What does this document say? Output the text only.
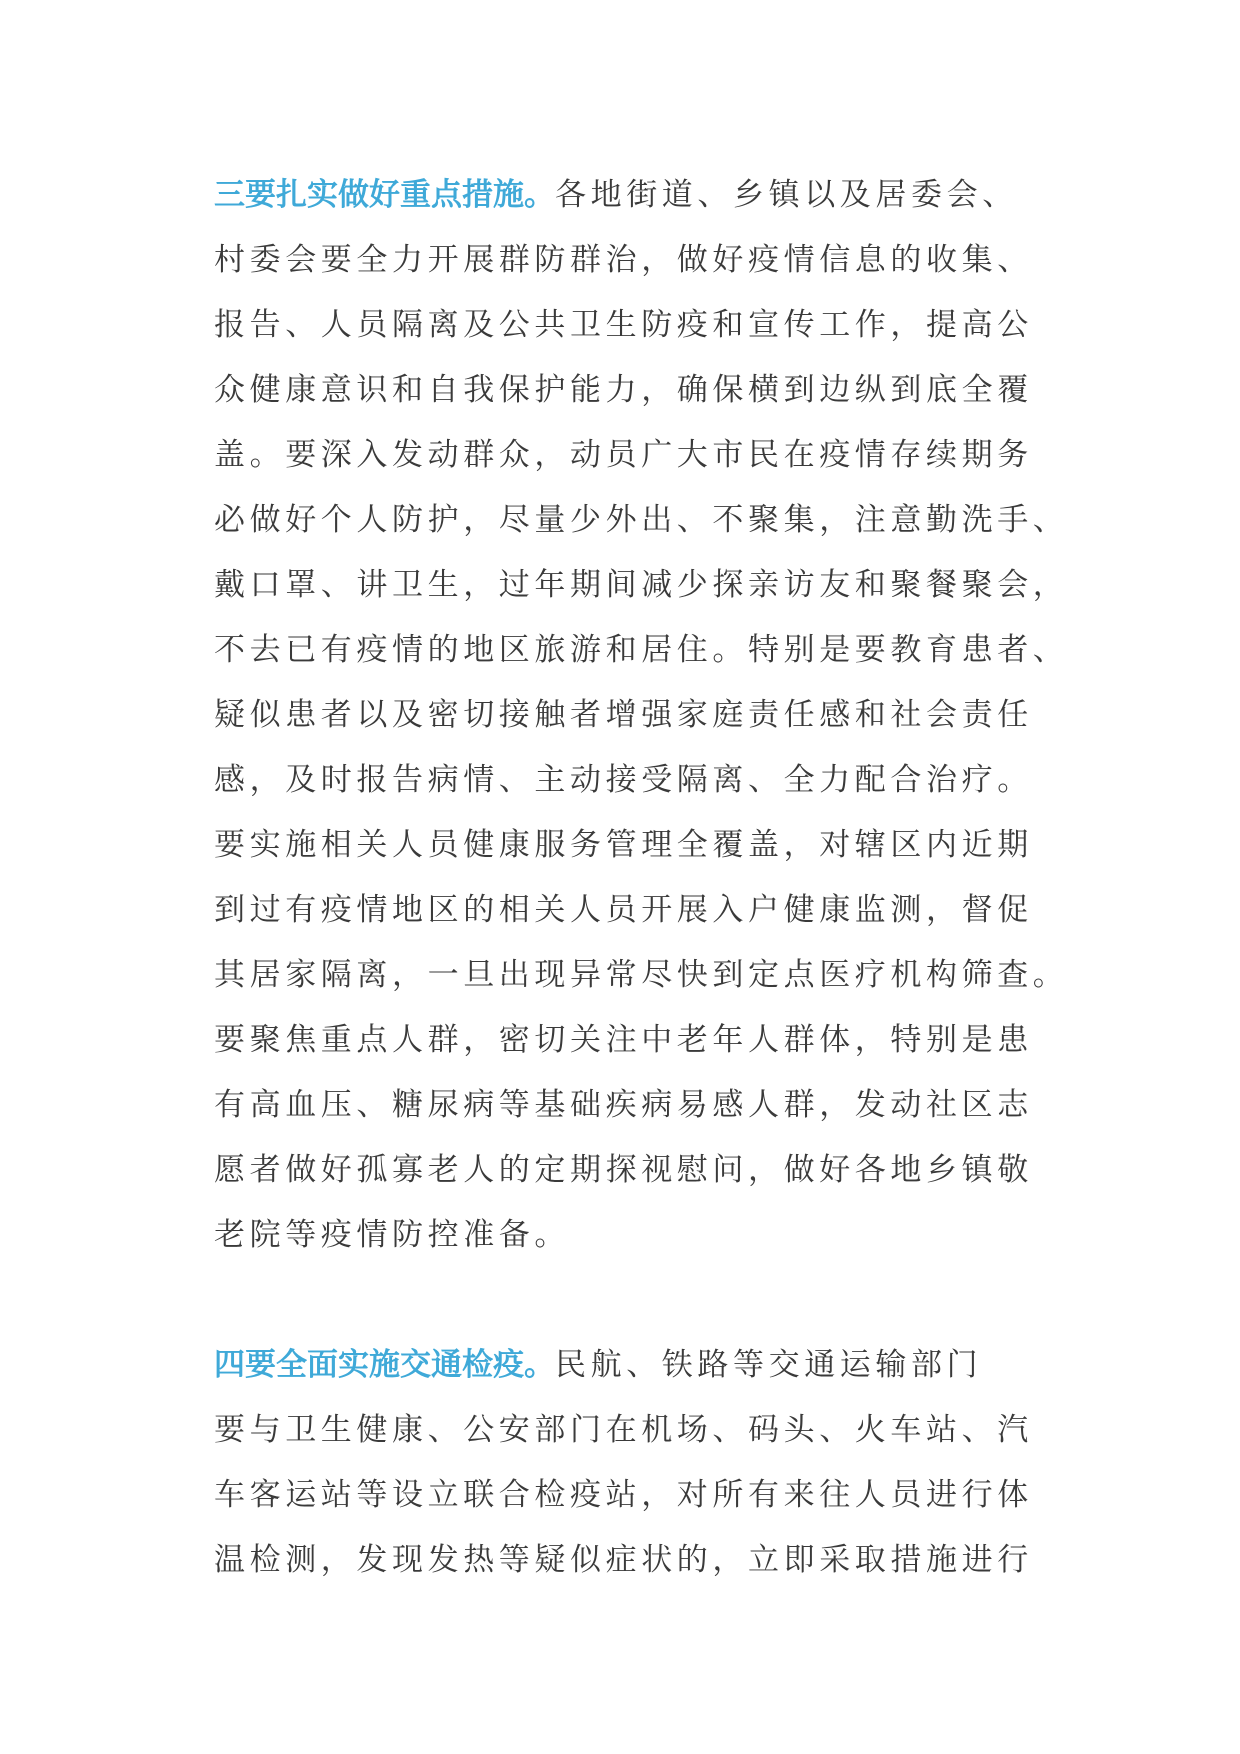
三要扎实做好重点措施。各地街道、乡镇以及居委会、
村委会要全力开展群防群治，做好疫情信息的收集、
报告、人员隔离及公共卫生防疫和宣传工作，提高公
众健康意识和自我保护能力，确保横到边纵到底全覆
盖。要深入发动群众，动员广大市民在疫情存续期务
必做好个人防护，尽量少外出、不聚集，注意勤洗手、
戴口罩、讲卫生，过年期间减少探亲访友和聚餐聚会，
不去已有疫情的地区旅游和居住。特别是要教育患者、
疑似患者以及密切接触者增强家庭责任感和社会责任
感，及时报告病情、主动接受隔离、全力配合治疗。
要实施相关人员健康服务管理全覆盖，对辖区内近期
到过有疫情地区的相关人员开展入户健康监测，督促
其居家隔离，一旦出现异常尽快到定点医疗机构筛查。
要聚焦重点人群，密切关注中老年人群体，特别是患
有高血压、糖尿病等基础疾病易感人群，发动社区志
愿者做好孤寡老人的定期探视慰问，做好各地乡镇敬
老院等疫情防控准备。
四要全面实施交通检疫。民航、铁路等交通运输部门
要与卫生健康、公安部门在机场、码头、火车站、汽
车客运站等设立联合检疫站，对所有来往人员进行体
温检测，发现发热等疑似症状的，立即采取措施进行
